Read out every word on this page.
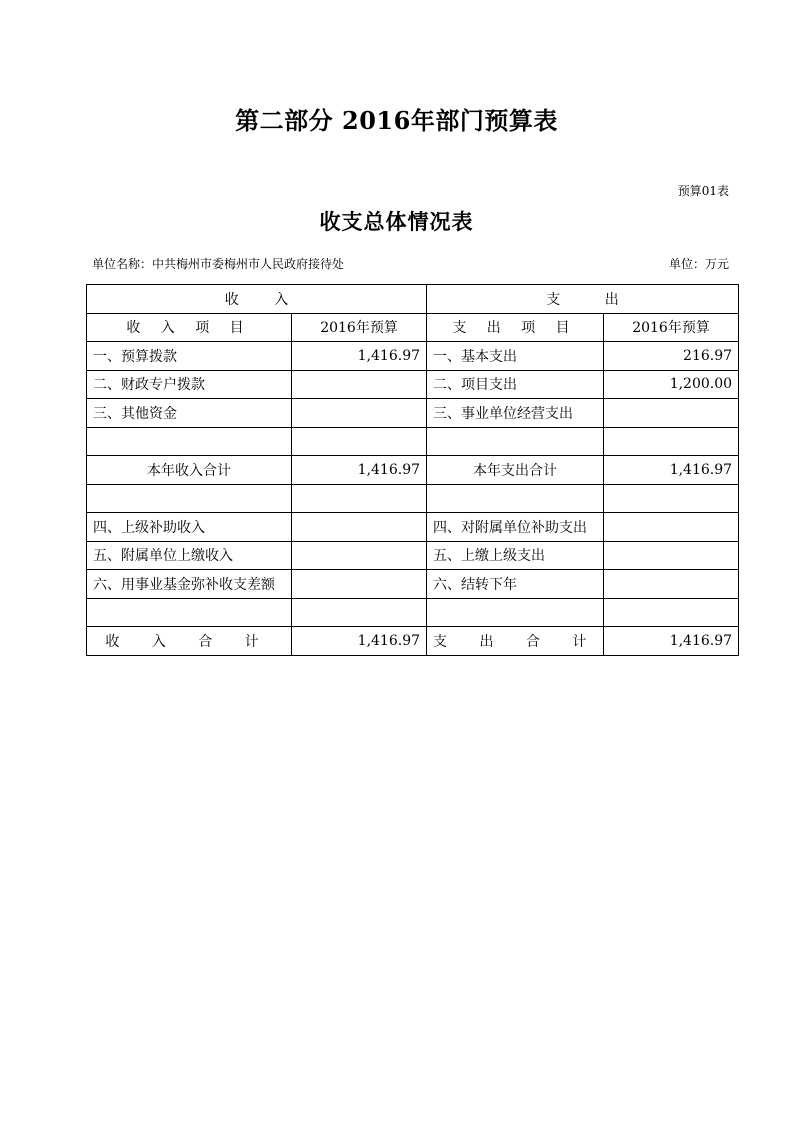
第二部分 2016年部门预算表
预算01表
收支总体情况表
单位名称：中共梅州市委梅州市人民政府接待处	单位：万元
收        入		支          出	
收 入 项 目	2016年预算	支 出 项 目	2016年预算
一、预算拨款	1,416.97	一、基本支出	216.97
二、财政专户拨款		二、项目支出	1,200.00
三、其他资金		三、事业单位经营支出	

本年收入合计	1,416.97	本年支出合计	1,416.97

四、上级补助收入		四、对附属单位补助支出	
五、附属单位上缴收入		五、上缴上级支出	
六、用事业基金弥补收支差额		六、结转下年	

收 入 合 计	1,416.97	支 出 合 计	1,416.97
